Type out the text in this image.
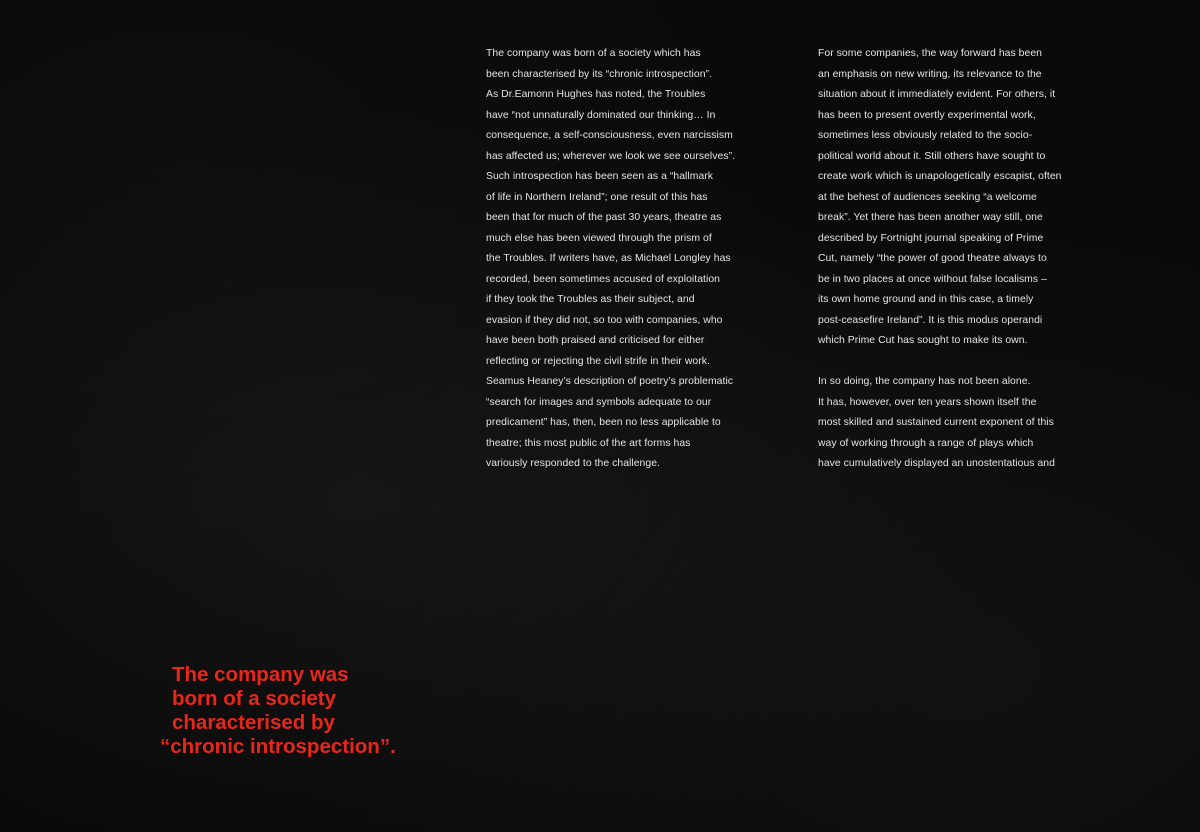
The company was born of a society which has
been characterised by its “chronic introspection”.
As Dr.Eamonn Hughes has noted, the Troubles
have “not unnaturally dominated our thinking… In
consequence, a self-consciousness, even narcissism
has affected us; wherever we look we see ourselves”.
Such introspection has been seen as a “hallmark
of life in Northern Ireland”; one result of this has
been that for much of the past 30 years, theatre as
much else has been viewed through the prism of
the Troubles. If writers have, as Michael Longley has
recorded, been sometimes accused of exploitation
if they took the Troubles as their subject, and
evasion if they did not, so too with companies, who
have been both praised and criticised for either
reflecting or rejecting the civil strife in their work.
Seamus Heaney’s description of poetry’s problematic
“search for images and symbols adequate to our
predicament” has, then, been no less applicable to
theatre; this most public of the art forms has
variously responded to the challenge.

For some companies, the way forward has been
an emphasis on new writing, its relevance to the
situation about it immediately evident. For others, it
has been to present overtly experimental work,
sometimes less obviously related to the socio-
political world about it. Still others have sought to
create work which is unapologetically escapist, often
at the behest of audiences seeking “a welcome
break”. Yet there has been another way still, one
described by Fortnight journal speaking of Prime
Cut, namely “the power of good theatre always to
be in two places at once without false localisms –
its own home ground and in this case, a timely
post-ceasefire Ireland”. It is this modus operandi
which Prime Cut has sought to make its own.

In so doing, the company has not been alone.
It has, however, over ten years shown itself the
most skilled and sustained current exponent of this
way of working through a range of plays which
have cumulatively displayed an unostentatious and

The company was
born of a society
characterised by
“chronic introspection”.
